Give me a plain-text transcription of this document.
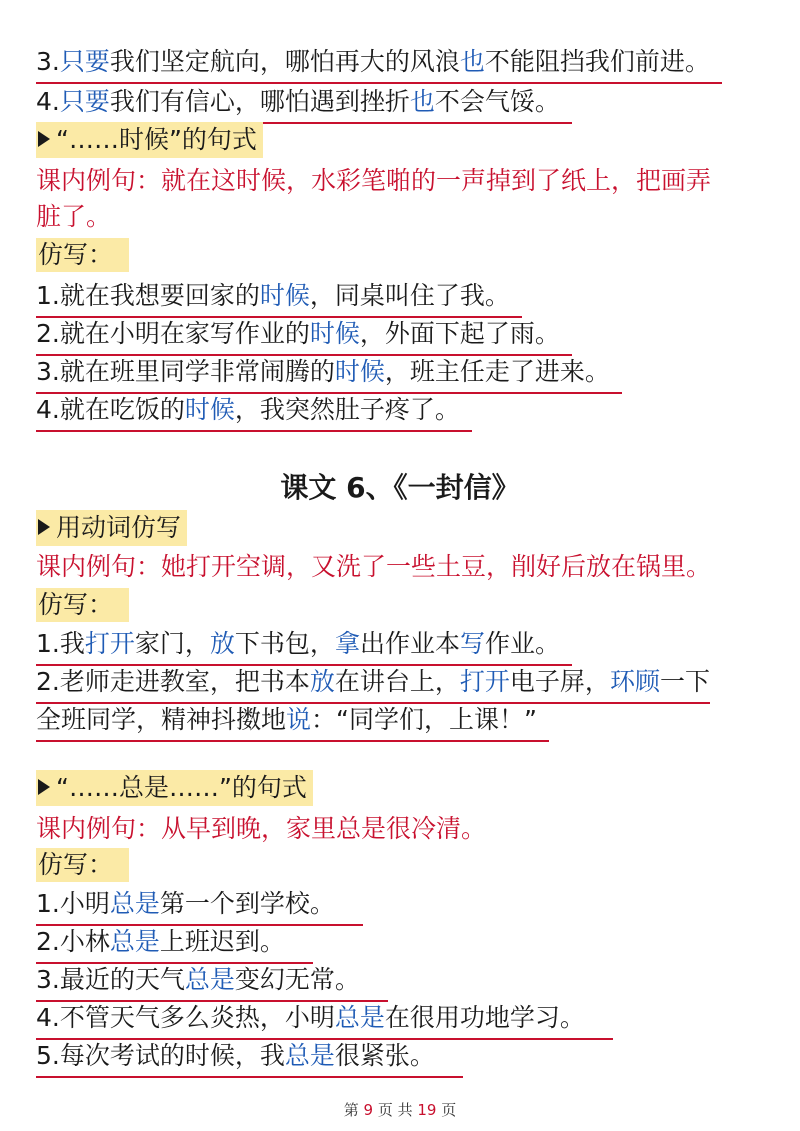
3.只要我们坚定航向，哪怕再大的风浪也不能阻挡我们前进。
4.只要我们有信心，哪怕遇到挫折也不会气馁。
“……时候”的句式
课内例句：就在这时候，水彩笔啪的一声掉到了纸上，把画弄
脏了。
仿写：
1.就在我想要回家的时候，同桌叫住了我。
2.就在小明在家写作业的时候，外面下起了雨。
3.就在班里同学非常闹腾的时候，班主任走了进来。
4.就在吃饭的时候，我突然肚子疼了。
课文 6、《一封信》
用动词仿写
课内例句：她打开空调，又洗了一些土豆，削好后放在锅里。
仿写：
1.我打开家门，放下书包，拿出作业本写作业。
2.老师走进教室，把书本放在讲台上，打开电子屏，环顾一下
全班同学，精神抖擞地说：“同学们，上课！”
“……总是……”的句式
课内例句：从早到晚，家里总是很冷清。
仿写：
1.小明总是第一个到学校。
2.小林总是上班迟到。
3.最近的天气总是变幻无常。
4.不管天气多么炎热，小明总是在很用功地学习。
5.每次考试的时候，我总是很紧张。
第 9 页 共 19 页
